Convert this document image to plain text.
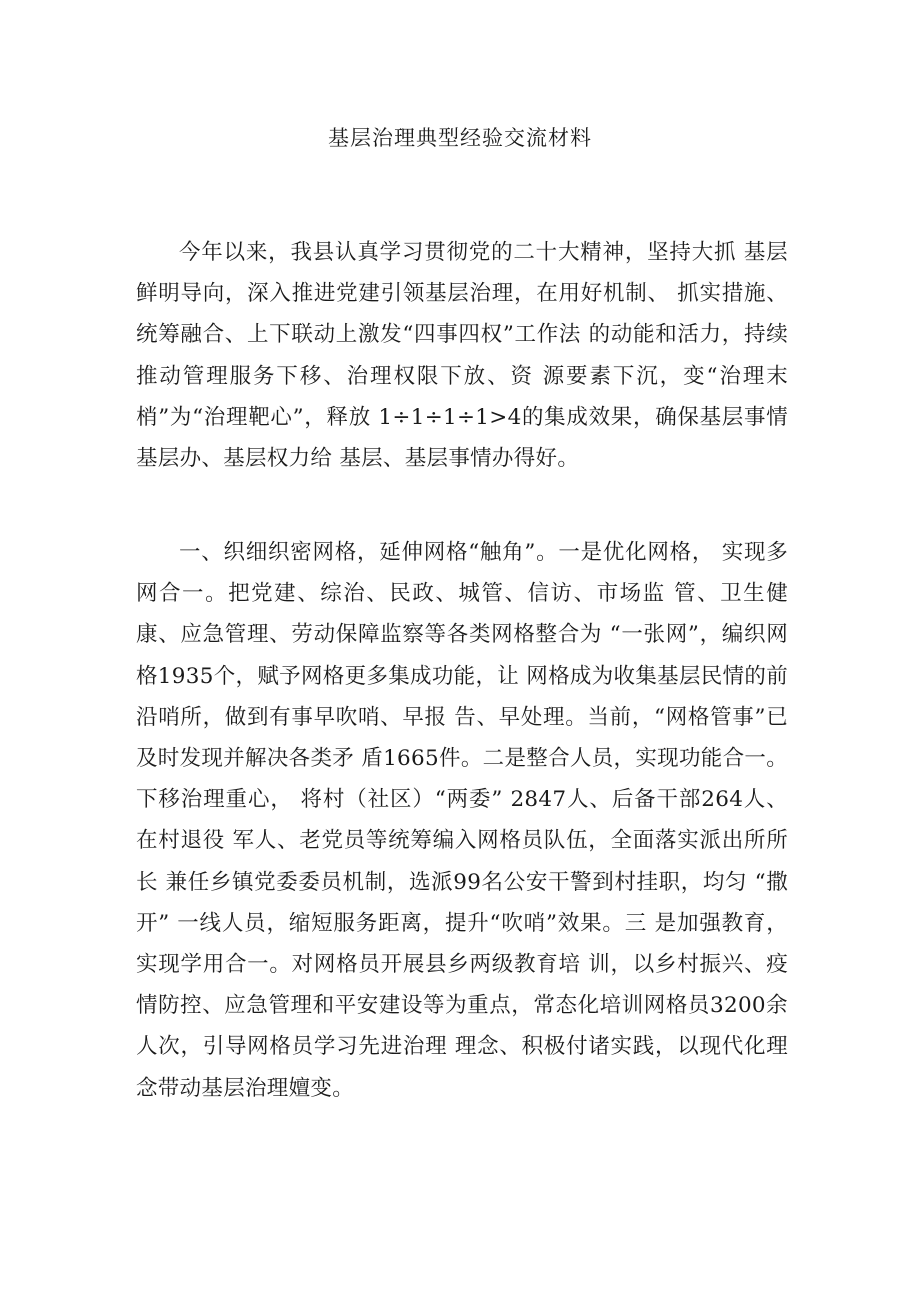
基层治理典型经验交流材料

今年以来，我县认真学习贯彻党的二十大精神，坚持大抓 基层鲜明导向，深入推进党建引领基层治理，在用好机制、 抓实措施、统筹融合、上下联动上激发“四事四权”工作法 的动能和活力，持续推动管理服务下移、治理权限下放、资 源要素下沉，变“治理末梢”为“治理靶心”，释放 1÷1÷1÷1>4的集成效果，确保基层事情基层办、基层权力给 基层、基层事情办得好。

一、织细织密网格，延伸网格“触角”。一是优化网格， 实现多网合一。把党建、综治、民政、城管、信访、市场监 管、卫生健康、应急管理、劳动保障监察等各类网格整合为 “一张网”，编织网格1935个，赋予网格更多集成功能，让 网格成为收集基层民情的前沿哨所，做到有事早吹哨、早报 告、早处理。当前，“网格管事”已及时发现并解决各类矛 盾1665件。二是整合人员，实现功能合一。下移治理重心， 将村（社区）“两委” 2847人、后备干部264人、在村退役 军人、老党员等统筹编入网格员队伍，全面落实派出所所长 兼任乡镇党委委员机制，选派99名公安干警到村挂职，均匀 “撒开” 一线人员，缩短服务距离，提升“吹哨”效果。三 是加强教育，实现学用合一。对网格员开展县乡两级教育培 训，以乡村振兴、疫情防控、应急管理和平安建设等为重点，常态化培训网格员3200余人次，引导网格员学习先进治理 理念、积极付诸实践，以现代化理念带动基层治理嬗变。
